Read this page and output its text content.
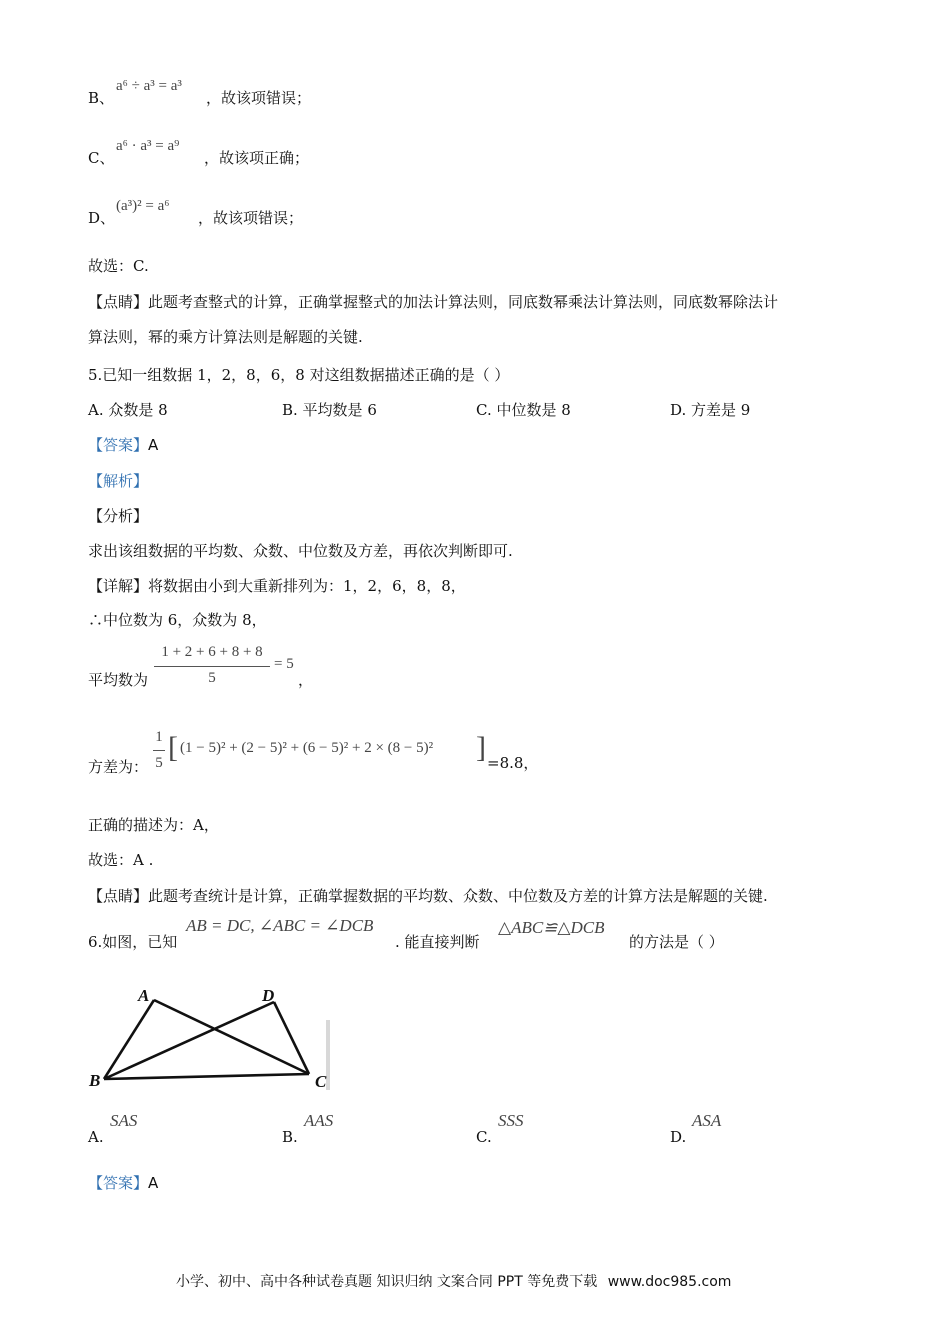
B、
a⁶ ÷ a³ = a³
，故该项错误；
C、
a⁶ · a³ = a⁹
，故该项正确；
D、
(a³)² = a⁶
，故该项错误；
故选：C.
【点睛】此题考查整式的计算，正确掌握整式的加法计算法则，同底数幂乘法计算法则，同底数幂除法计
算法则，幂的乘方计算法则是解题的关键.
5.已知一组数据 1，2，8，6，8 对这组数据描述正确的是（ ）
A. 众数是 8	B. 平均数是 6	C. 中位数是 8	D. 方差是 9
【答案】A
【解析】
【分析】
求出该组数据的平均数、众数、中位数及方差，再依次判断即可.
【详解】将数据由小到大重新排列为：1，2，6，8，8，
∴中位数为 6，众数为 8，
平均数为
1 + 2 + 6 + 8 + 8
5
= 5
，
方差为：
1
5 [ (1 − 5)² + (2 − 5)² + (6 − 5)² + 2 × (8 − 5)² ] =8.8，
正确的描述为：A，
故选：A .
【点睛】此题考查统计是计算，正确掌握数据的平均数、众数、中位数及方差的计算方法是解题的关键.
6.如图，已知
AB = DC, ∠ABC = ∠DCB
. 能直接判断
△ABC≌△DCB
的方法是（ ）
A
B	C
D
A.
SAS
B.
AAS
C.
SSS
D.
ASA
【答案】A
小学、初中、高中各种试卷真题 知识归纳 文案合同 PPT 等免费下载 www.doc985.com
